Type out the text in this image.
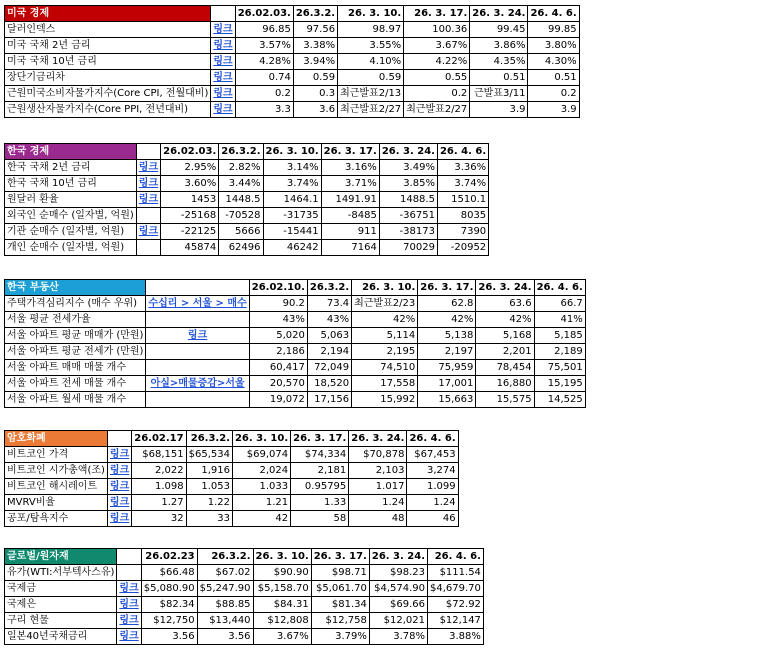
미국 경제		26.02.03.	26.3.2.	26. 3. 10.	26. 3. 17.	26. 3. 24.	26. 4. 6.
달러인덱스	링크	96.85	97.56	98.97	100.36	99.45	99.85
미국 국채 2년 금리	링크	3.57%	3.38%	3.55%	3.67%	3.86%	3.80%
미국 국채 10년 금리	링크	4.28%	3.94%	4.10%	4.22%	4.35%	4.30%
장단기금리차	링크	0.74	0.59	0.59	0.55	0.51	0.51
근원미국소비자물가지수(Core CPI, 전월대비)	링크	0.2	0.3	최근발표2/13	0.2	근발표3/11	0.2
근원생산자물가지수(Core PPI, 전년대비)	링크	3.3	3.6	최근발표2/27	최근발표2/27	3.9	3.9
한국 경제		26.02.03.	26.3.2.	26. 3. 10.	26. 3. 17.	26. 3. 24.	26. 4. 6.
한국 국채 2년 금리	링크	2.95%	2.82%	3.14%	3.16%	3.49%	3.36%
한국 국채 10년 금리	링크	3.60%	3.44%	3.74%	3.71%	3.85%	3.74%
원달러 환율	링크	1453	1448.5	1464.1	1491.91	1488.5	1510.1
외국인 순매수 (일자별, 억원)		-25168	-70528	-31735	-8485	-36751	8035
기관 순매수 (일자별, 억원)	링크	-22125	5666	-15441	911	-38173	7390
개인 순매수 (일자별, 억원)		45874	62496	46242	7164	70029	-20952
한국 부동산		26.02.10.	26.3.2.	26. 3. 10.	26. 3. 17.	26. 3. 24.	26. 4. 6.
주택가격심리지수 (매수 우위)	수십리 > 서울 > 매수	90.2	73.4	최근발표2/23	62.8	63.6	66.7
서울 평균 전세가율		43%	43%	42%	42%	42%	41%
서울 아파트 평균 매매가 (만원)	링크	5,020	5,063	5,114	5,138	5,168	5,185
서울 아파트 평균 전세가 (만원)		2,186	2,194	2,195	2,197	2,201	2,189
서울 아파트 매매 매물 개수		60,417	72,049	74,510	75,959	78,454	75,501
서울 아파트 전세 매물 개수	아실>매물증감>서울	20,570	18,520	17,558	17,001	16,880	15,195
서울 아파트 월세 매물 개수		19,072	17,156	15,992	15,663	15,575	14,525
암호화폐		26.02.17	26.3.2.	26. 3. 10.	26. 3. 17.	26. 3. 24.	26. 4. 6.
비트코인 가격	링크	$68,151	$65,534	$69,074	$74,334	$70,878	$67,453
비트코인 시가총액(조)	링크	2,022	1,916	2,024	2,181	2,103	3,274
비트코인 해시레이트	링크	1.098	1.053	1.033	0.95795	1.017	1.099
MVRV비율	링크	1.27	1.22	1.21	1.33	1.24	1.24
공포/탐욕지수	링크	32	33	42	58	48	46
글로벌/원자재		26.02.23	26.3.2.	26. 3. 10.	26. 3. 17.	26. 3. 24.	26. 4. 6.
유가(WTI:서부텍사스유)		$66.48	$67.02	$90.90	$98.71	$98.23	$111.54
국제금	링크	$5,080.90	$5,247.90	$5,158.70	$5,061.70	$4,574.90	$4,679.70
국제은	링크	$82.34	$88.85	$84.31	$81.34	$69.66	$72.92
구리 현물	링크	$12,750	$13,440	$12,808	$12,758	$12,021	$12,147
일본40년국채금리	링크	3.56	3.56	3.67%	3.79%	3.78%	3.88%
